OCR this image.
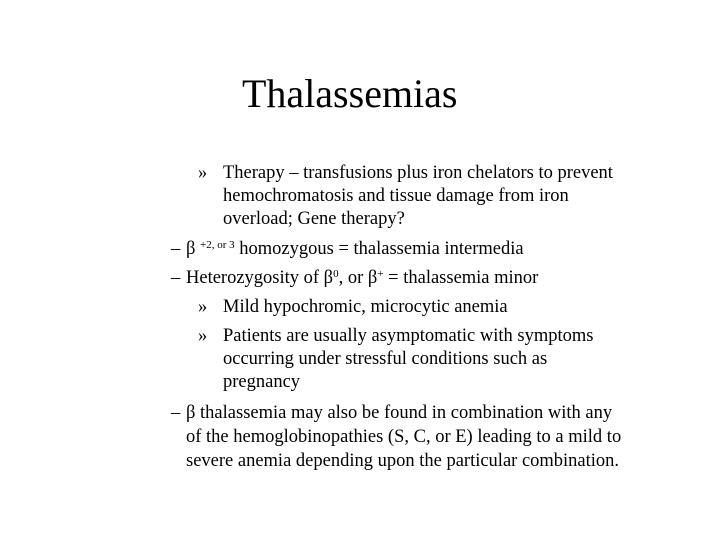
Thalassemias
» Therapy – transfusions plus iron chelators to prevent
hemochromatosis and tissue damage from iron
overload; Gene therapy?
– β $^{+2, or 3}$ homozygous = thalassemia intermedia
– Heterozygosity of $\beta^0$, or β+ = thalassemia minor
» Mild hypochromic, microcytic anemia
» Patients are usually asymptomatic with symptoms
occurring under stressful conditions such as
pregnancy
– β thalassemia may also be found in combination with any
of the hemoglobinopathies (S, C, or E) leading to a mild to
severe anemia depending upon the particular combination.
